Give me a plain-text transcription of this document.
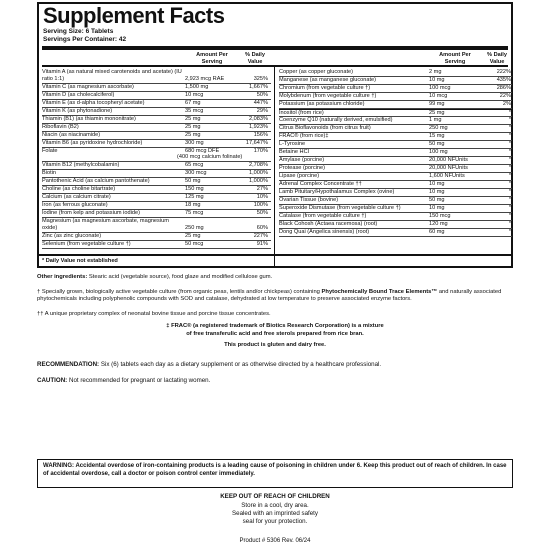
Supplement Facts
Serving Size: 6 Tablets
Servings Per Container: 42
Amount Per Serving
% Daily Value
Amount Per Serving
% Daily Value
Vitamin A (as natural mixed carotenoids and acetate) (IU ratio 1:1)	2,923 mcg RAE	325%
Vitamin C (as magnesium ascorbate)	1,500 mg	1,667%
Vitamin D (as cholecalciferol)	10 mcg	50%
Vitamin E (as d-alpha tocopheryl acetate)	67 mg	447%
Vitamin K (as phytonadione)	35 mcg	29%
Thiamin (B1) (as thiamin mononitrate)	25 mg	2,083%
Riboflavin (B2)	25 mg	1,923%
Niacin (as niacinamide)	25 mg	156%
Vitamin B6 (as pyridoxine hydrochloride)	300 mg	17,647%
Folate	680 mcg DFE	170%
(400 mcg calcium folinate)
Vitamin B12 (methylcobalamin)	65 mcg	2,708%
Biotin	300 mcg	1,000%
Pantothenic Acid (as calcium pantothenate)	50 mg	1,000%
Choline (as choline bitartrate)	150 mg	27%
Calcium (as calcium citrate)	125 mg	10%
Iron (as ferrous gluconate)	18 mg	100%
Iodine (from kelp and potassium iodide)	75 mcg	50%
Magnesium (as magnesium ascorbate, magnesium oxide)	250 mg	60%
Zinc (as zinc gluconate)	25 mg	227%
Selenium (from vegetable culture †)	50 mcg	91%
Copper (as copper gluconate)	2 mg	222%
Manganese (as manganese gluconate)	10 mg	435%
Chromium (from vegetable culture †)	100 mcg	286%
Molybdenum (from vegetable culture †)	10 mcg	22%
Potassium (as potassium chloride)	99 mg	2%
Inositol (from rice)	25 mg	*
Coenzyme Q10 (naturally derived, emulsified)	1 mg	*
Citrus Bioflavonoids (from citrus fruit)	250 mg	*
FRAC® (from rice)‡	15 mg	*
L-Tyrosine	50 mg	*
Betaine HCl	100 mg	*
Amylase (porcine)	20,000 NFUnits	*
Protease (porcine)	20,000 NFUnits	*
Lipase (porcine)	1,600 NFUnits	*
Adrenal Complex Concentrate ††	10 mg	*
Lamb Pituitary/Hypothalamus Complex (ovine)	10 mg	*
Ovarian Tissue (bovine)	50 mg	*
Superoxide Dismutase (from vegetable culture †)	10 mg	*
Catalase (from vegetable culture †)	150 mcg	*
Black Cohosh (Actaea racemosa) (root)	120 mg	*
Dong Quai (Angelica sinensis) (root)	60 mg	*
* Daily Value not established
Other ingredients: Stearic acid (vegetable source), food glaze and modified cellulose gum.
† Specially grown, biologically active vegetable culture (from organic peas, lentils and/or chickpeas) containing Phytochemically Bound Trace Elements™ and naturally associated phytochemicals including polyphenolic compounds with SOD and catalase, dehydrated at low temperature to preserve associated enzyme factors.
†† A unique proprietary complex of neonatal bovine tissue and porcine tissue concentrates.
‡ FRAC® (a registered trademark of Biotics Research Corporation) is a mixture
of free transferulic acid and free sterols prepared from rice bran.
This product is gluten and dairy free.
RECOMMENDATION: Six (6) tablets each day as a dietary supplement or as otherwise directed by a healthcare professional.
CAUTION: Not recommended for pregnant or lactating women.
WARNING: Accidental overdose of iron-containing products is a leading cause of poisoning in children under 6. Keep this product out of reach of children. In case of accidental overdose, call a doctor or poison control center immediately.
KEEP OUT OF REACH OF CHILDREN
Store in a cool, dry area.
Sealed with an imprinted safety
seal for your protection.
Product # 5306 Rev. 06/24
